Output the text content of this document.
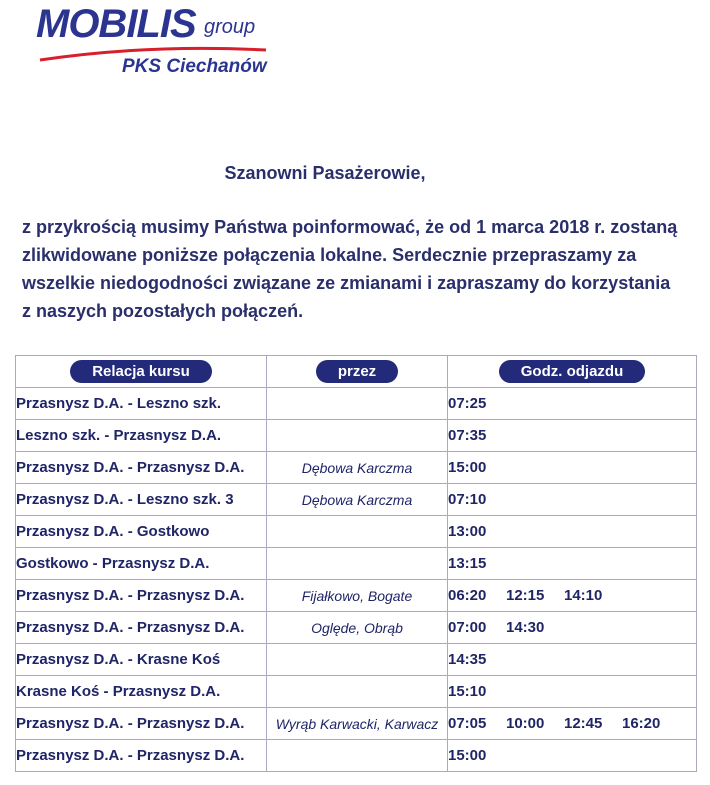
MOBILIS group
PKS Ciechanów
Szanowni Pasażerowie,

z przykrością musimy Państwa poinformować, że od 1 marca 2018 r. zostaną
zlikwidowane poniższe połączenia lokalne. Serdecznie przepraszamy za
wszelkie niedogodności związane ze zmianami i zapraszamy do korzystania
z naszych pozostałych połączeń.

Relacja kursu	przez	Godz. odjazdu
Przasnysz D.A. - Leszno szk.		07:25
Leszno szk. - Przasnysz D.A.		07:35
Przasnysz D.A. - Przasnysz D.A.	Dębowa Karczma	15:00
Przasnysz D.A. - Leszno szk. 3	Dębowa Karczma	07:10
Przasnysz D.A. - Gostkowo		13:00
Gostkowo - Przasnysz D.A.		13:15
Przasnysz D.A. - Przasnysz D.A.	Fijałkowo, Bogate	06:20 12:15 14:10
Przasnysz D.A. - Przasnysz D.A.	Oględe, Obrąb	07:00 14:30
Przasnysz D.A. - Krasne Koś		14:35
Krasne Koś - Przasnysz D.A.		15:10
Przasnysz D.A. - Przasnysz D.A.	Wyrąb Karwacki, Karwacz	07:05 10:00 12:45 16:20
Przasnysz D.A. - Przasnysz D.A.		15:00
